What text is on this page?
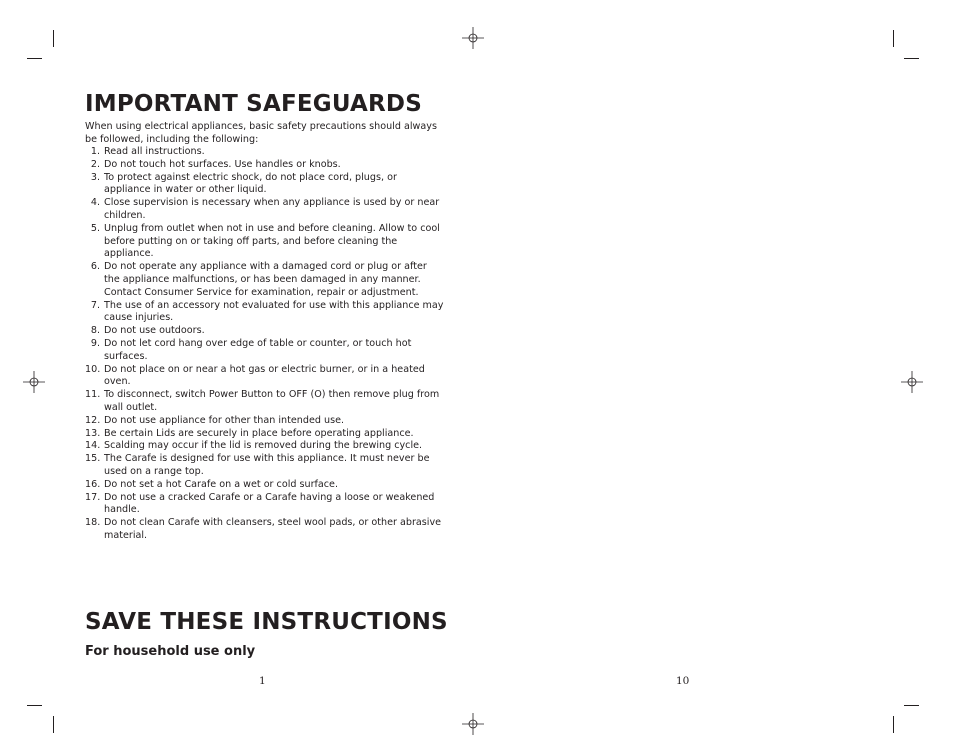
IMPORTANT SAFEGUARDS

When using electrical appliances, basic safety precautions should always be followed, including the following:

1. Read all instructions.
2. Do not touch hot surfaces. Use handles or knobs.
3. To protect against electric shock, do not place cord, plugs, or appliance in water or other liquid.
4. Close supervision is necessary when any appliance is used by or near children.
5. Unplug from outlet when not in use and before cleaning. Allow to cool before putting on or taking off parts, and before cleaning the appliance.
6. Do not operate any appliance with a damaged cord or plug or after the appliance malfunctions, or has been damaged in any manner. Contact Consumer Service for examination, repair or adjustment.
7. The use of an accessory not evaluated for use with this appliance may cause injuries.
8. Do not use outdoors.
9. Do not let cord hang over edge of table or counter, or touch hot surfaces.
10. Do not place on or near a hot gas or electric burner, or in a heated oven.
11. To disconnect, switch Power Button to OFF (O) then remove plug from wall outlet.
12. Do not use appliance for other than intended use.
13. Be certain Lids are securely in place before operating appliance.
14. Scalding may occur if the lid is removed during the brewing cycle.
15. The Carafe is designed for use with this appliance. It must never be used on a range top.
16. Do not set a hot Carafe on a wet or cold surface.
17. Do not use a cracked Carafe or a Carafe having a loose or weakened handle.
18. Do not clean Carafe with cleansers, steel wool pads, or other abrasive material.
SAVE THESE INSTRUCTIONS

For household use only

1	10
